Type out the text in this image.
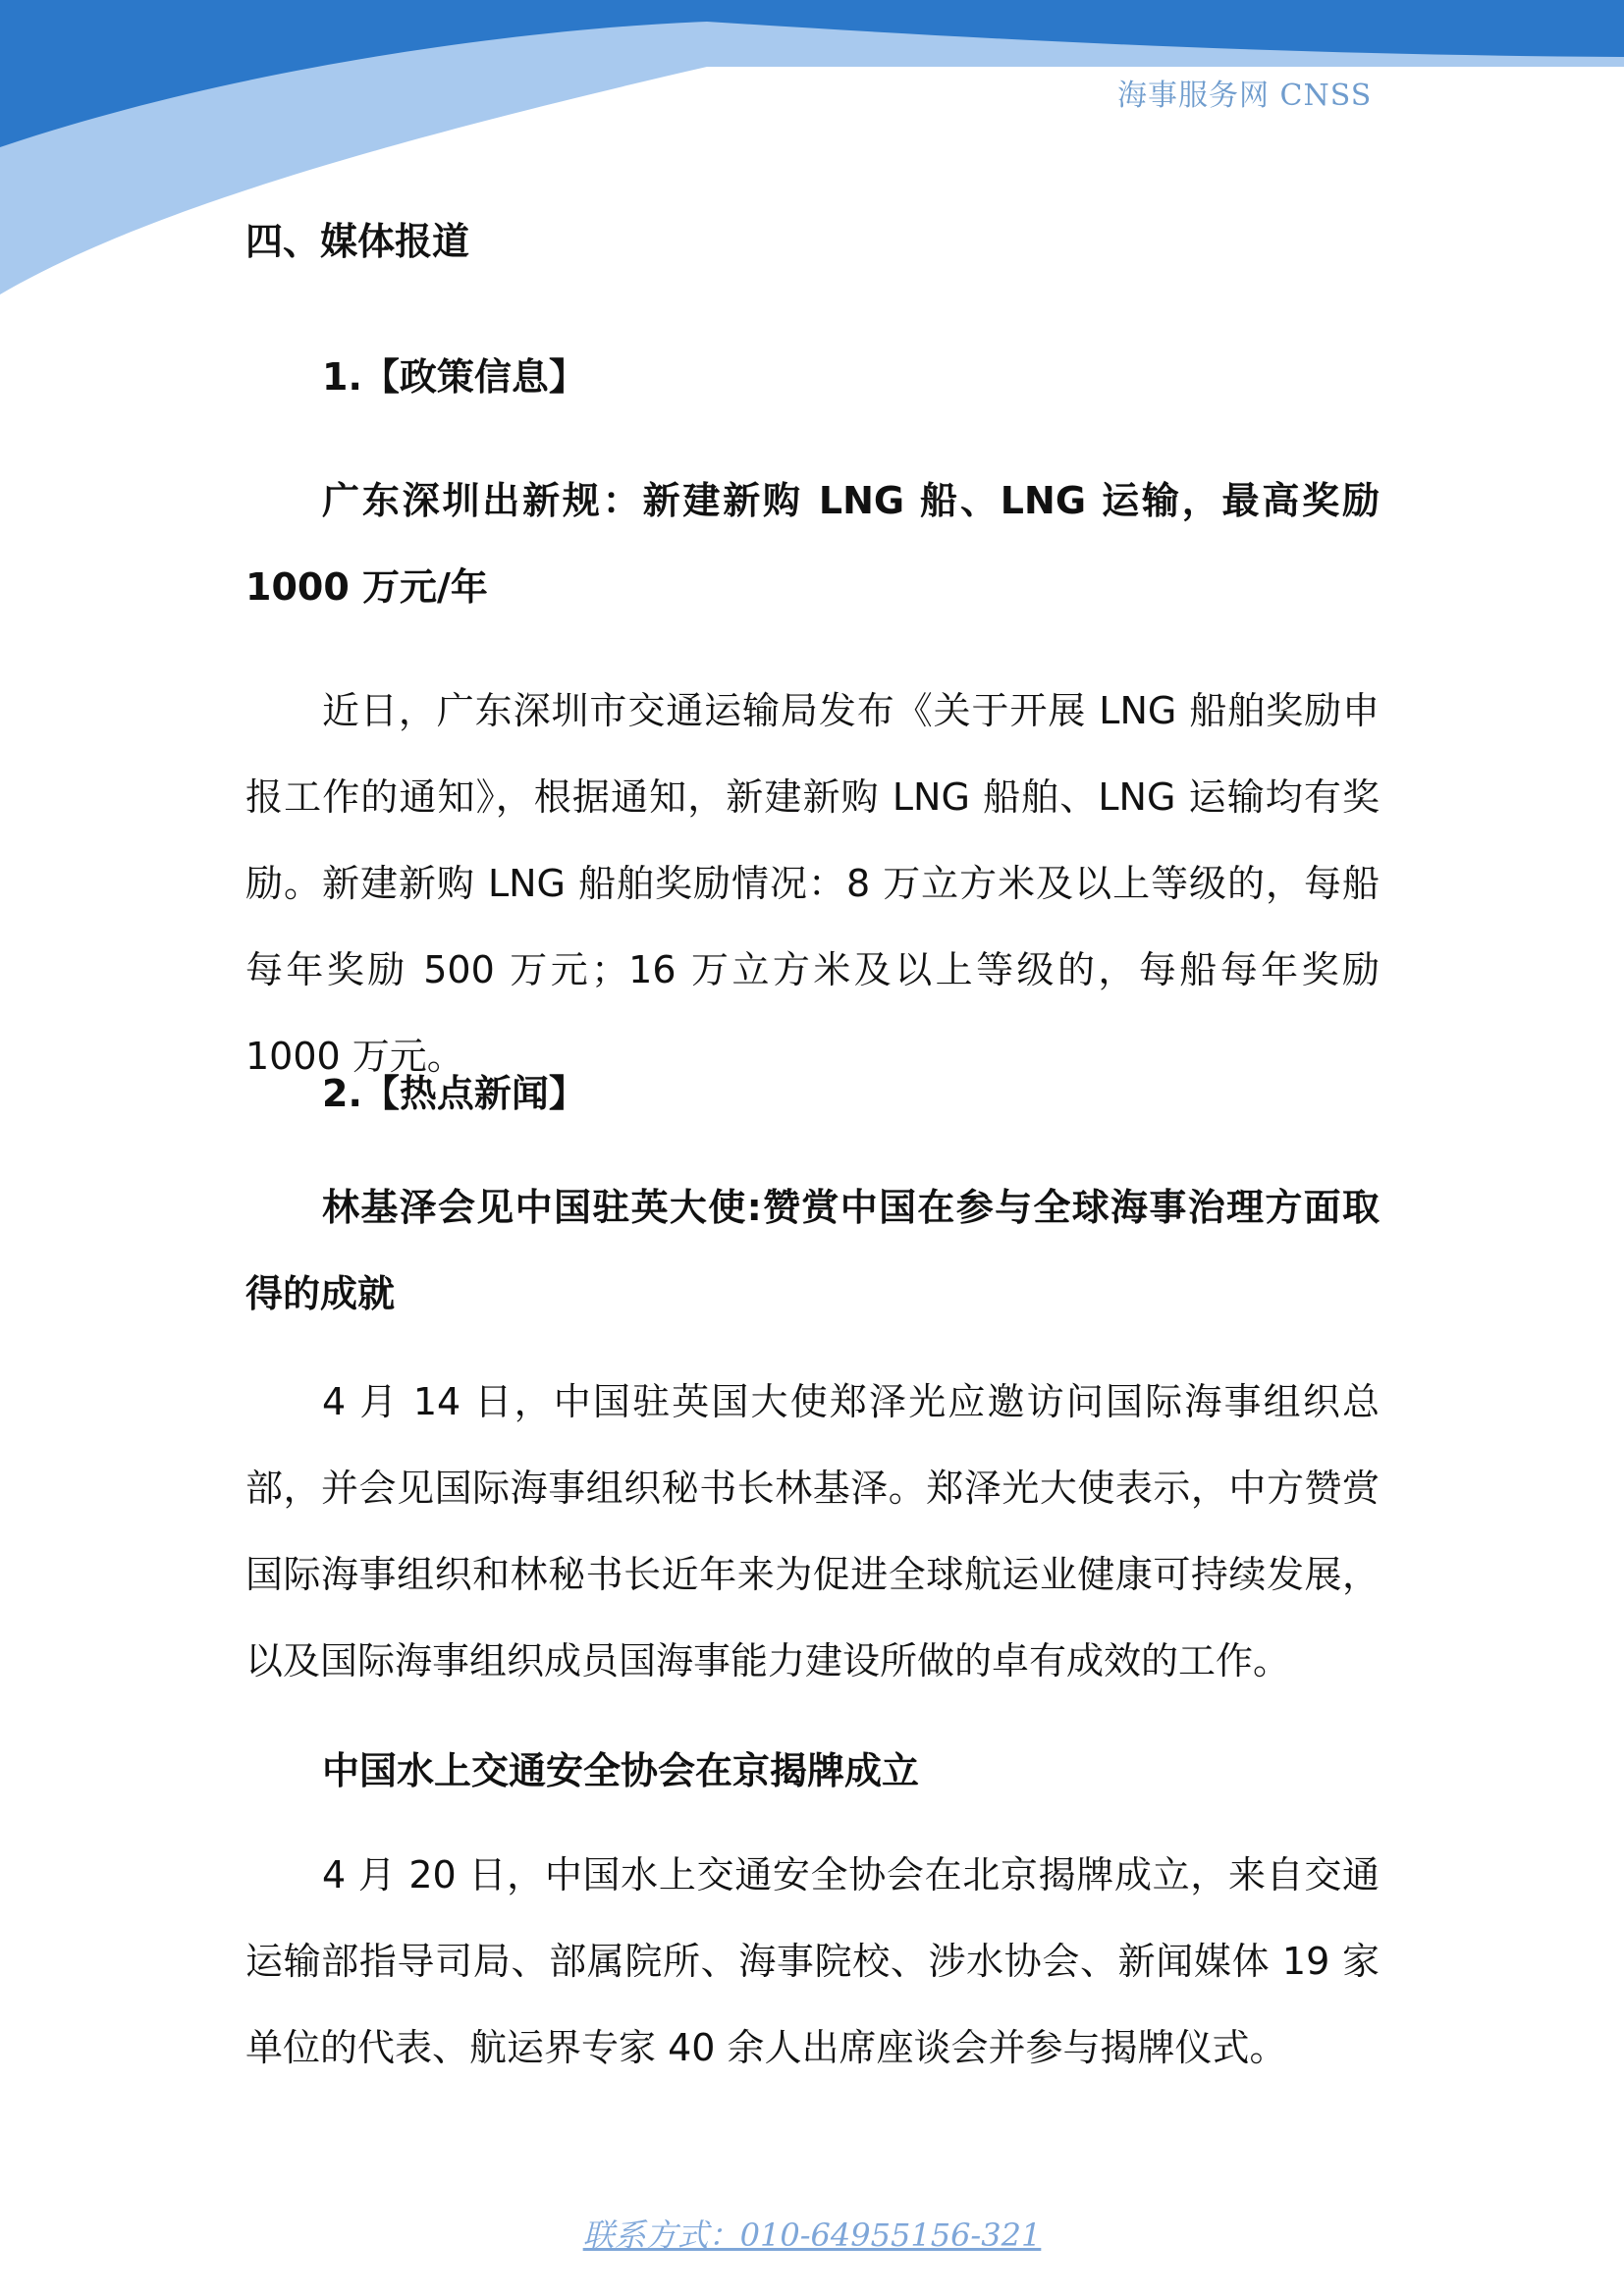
海事服务网 CNSS

四、媒体报道

1.【政策信息】

广东深圳出新规：新建新购 LNG 船、LNG 运输，最高奖励 1000 万元/年

近日，广东深圳市交通运输局发布《关于开展 LNG 船舶奖励申报工作的通知》，根据通知，新建新购 LNG 船舶、LNG 运输均有奖励。新建新购 LNG 船舶奖励情况：8 万立方米及以上等级的，每船每年奖励 500 万元；16 万立方米及以上等级的，每船每年奖励 1000 万元。

2.【热点新闻】

林基泽会见中国驻英大使:赞赏中国在参与全球海事治理方面取得的成就

4 月 14 日，中国驻英国大使郑泽光应邀访问国际海事组织总部，并会见国际海事组织秘书长林基泽。郑泽光大使表示，中方赞赏国际海事组织和林秘书长近年来为促进全球航运业健康可持续发展，以及国际海事组织成员国海事能力建设所做的卓有成效的工作。

中国水上交通安全协会在京揭牌成立

4 月 20 日，中国水上交通安全协会在北京揭牌成立，来自交通运输部指导司局、部属院所、海事院校、涉水协会、新闻媒体 19 家单位的代表、航运界专家 40 余人出席座谈会并参与揭牌仪式。

联系方式：010-64955156-321
